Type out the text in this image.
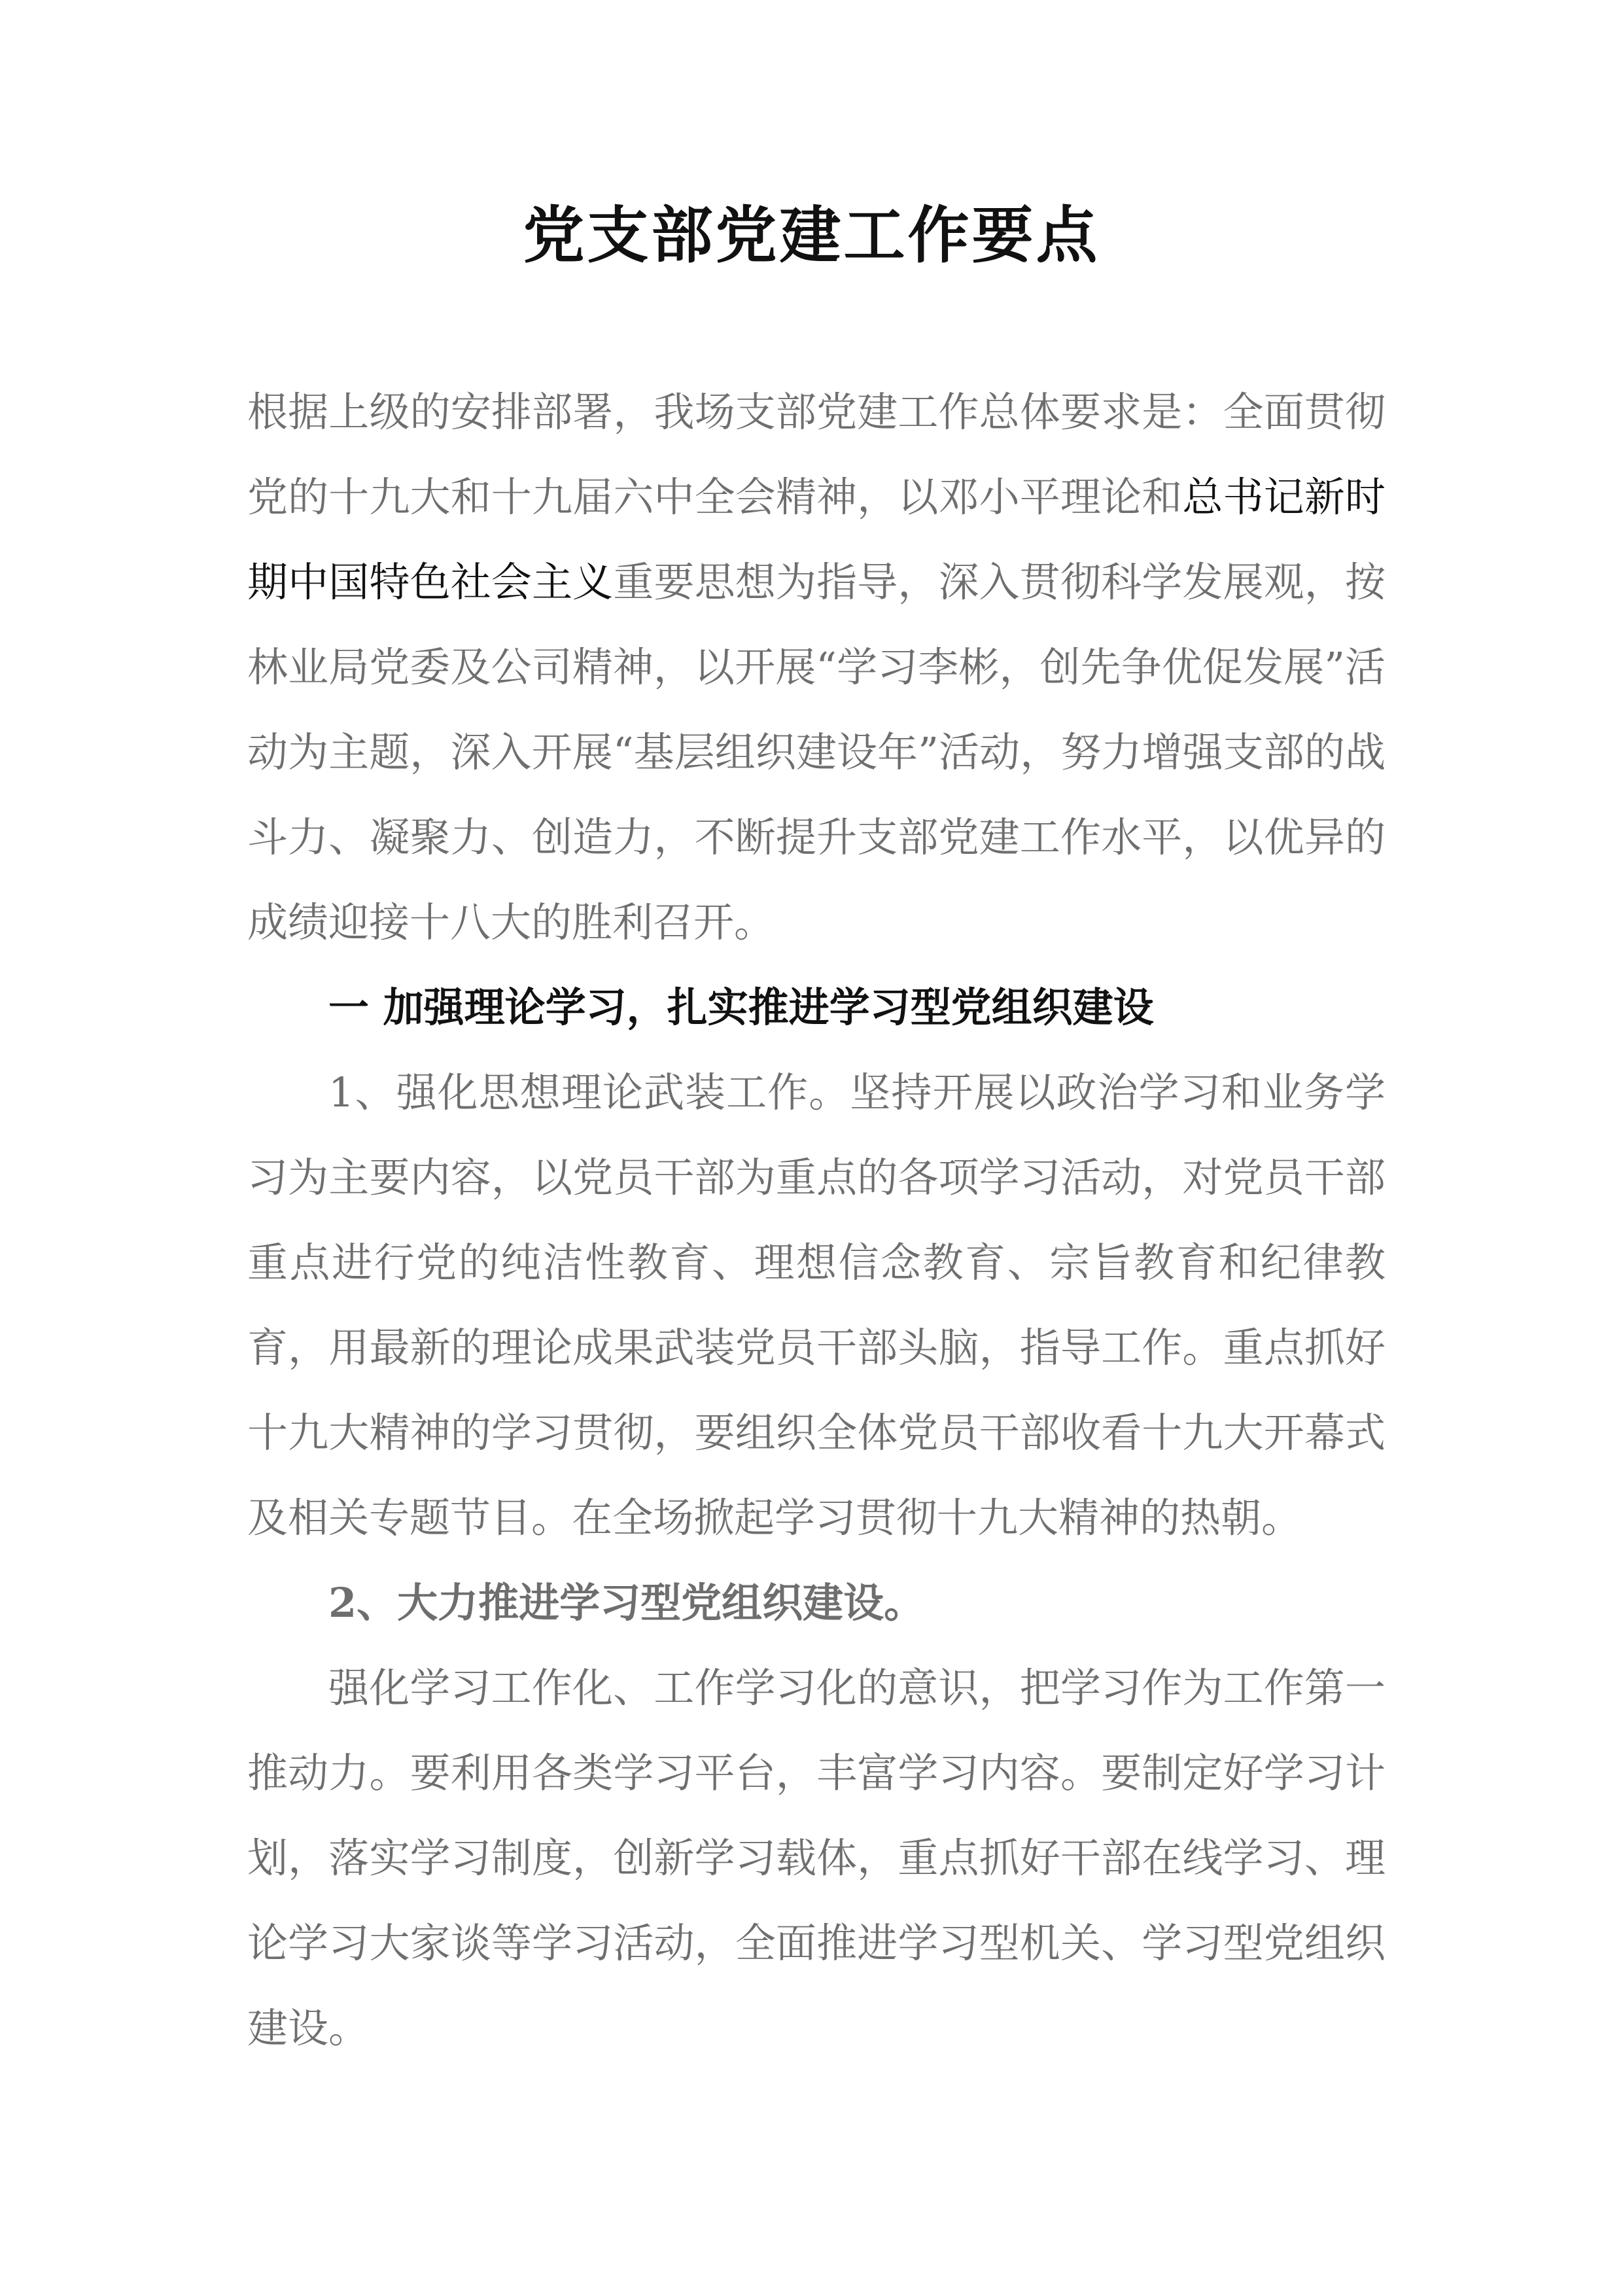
党支部党建工作要点

根据上级的安排部署，我场支部党建工作总体要求是：全面贯彻党的十九大和十九届六中全会精神，以邓小平理论和总书记新时期中国特色社会主义重要思想为指导，深入贯彻科学发展观，按林业局党委及公司精神，以开展“学习李彬，创先争优促发展”活动为主题，深入开展“基层组织建设年”活动，努力增强支部的战斗力、凝聚力、创造力，不断提升支部党建工作水平，以优异的成绩迎接十八大的胜利召开。

一 加强理论学习，扎实推进学习型党组织建设

1、强化思想理论武装工作。坚持开展以政治学习和业务学习为主要内容，以党员干部为重点的各项学习活动，对党员干部重点进行党的纯洁性教育、理想信念教育、宗旨教育和纪律教育，用最新的理论成果武装党员干部头脑，指导工作。重点抓好十九大精神的学习贯彻，要组织全体党员干部收看十九大开幕式及相关专题节目。在全场掀起学习贯彻十九大精神的热朝。

2、大力推进学习型党组织建设。

强化学习工作化、工作学习化的意识，把学习作为工作第一推动力。要利用各类学习平台，丰富学习内容。要制定好学习计划，落实学习制度，创新学习载体，重点抓好干部在线学习、理论学习大家谈等学习活动，全面推进学习型机关、学习型党组织建设。
